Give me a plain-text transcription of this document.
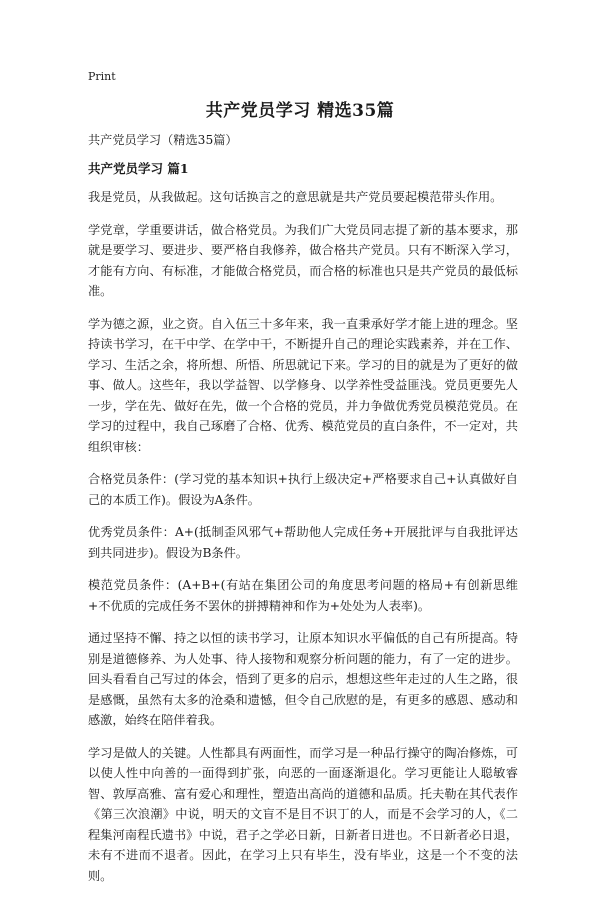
Print
共产党员学习 精选35篇

共产党员学习（精选35篇）

共产党员学习 篇1

我是党员，从我做起。这句话换言之的意思就是共产党员要起模范带头作用。

学党章，学重要讲话，做合格党员。为我们广大党员同志提了新的基本要求，那就是要学习、要进步、要严格自我修养，做合格共产党员。只有不断深入学习，才能有方向、有标准，才能做合格党员，而合格的标准也只是共产党员的最低标准。

学为德之源，业之资。自入伍三十多年来，我一直秉承好学才能上进的理念。坚持读书学习，在干中学、在学中干，不断提升自己的理论实践素养，并在工作、学习、生活之余，将所想、所悟、所思就记下来。学习的目的就是为了更好的做事、做人。这些年，我以学益智、以学修身、以学养性受益匪浅。党员更要先人一步，学在先、做好在先，做一个合格的党员，并力争做优秀党员模范党员。在学习的过程中，我自己琢磨了合格、优秀、模范党员的直白条件，不一定对，共组织审核：

合格党员条件：(学习党的基本知识+执行上级决定+严格要求自己+认真做好自己的本质工作)。假设为A条件。

优秀党员条件：A+(抵制歪风邪气+帮助他人完成任务+开展批评与自我批评达到共同进步)。假设为B条件。

模范党员条件：(A+B+(有站在集团公司的角度思考问题的格局+有创新思维+不优质的完成任务不罢休的拼搏精神和作为+处处为人表率)。

通过坚持不懈、持之以恒的读书学习，让原本知识水平偏低的自己有所提高。特别是道德修养、为人处事、待人接物和观察分析问题的能力，有了一定的进步。回头看看自己写过的体会，悟到了更多的启示，想想这些年走过的人生之路，很是感慨，虽然有太多的沧桑和遗憾，但令自己欣慰的是，有更多的感恩、感动和感激，始终在陪伴着我。

学习是做人的关键。人性都具有两面性，而学习是一种品行操守的陶冶修炼，可以使人性中向善的一面得到扩张，向恶的一面逐渐退化。学习更能让人聪敏睿智、敦厚高雅、富有爱心和理性，塑造出高尚的道德和品质。托夫勒在其代表作《第三次浪潮》中说，明天的文盲不是目不识丁的人，而是不会学习的人，《二程集河南程氏遗书》中说，君子之学必日新，日新者日进也。不日新者必日退，未有不进而不退者。因此，在学习上只有毕生，没有毕业，这是一个不变的法则。
